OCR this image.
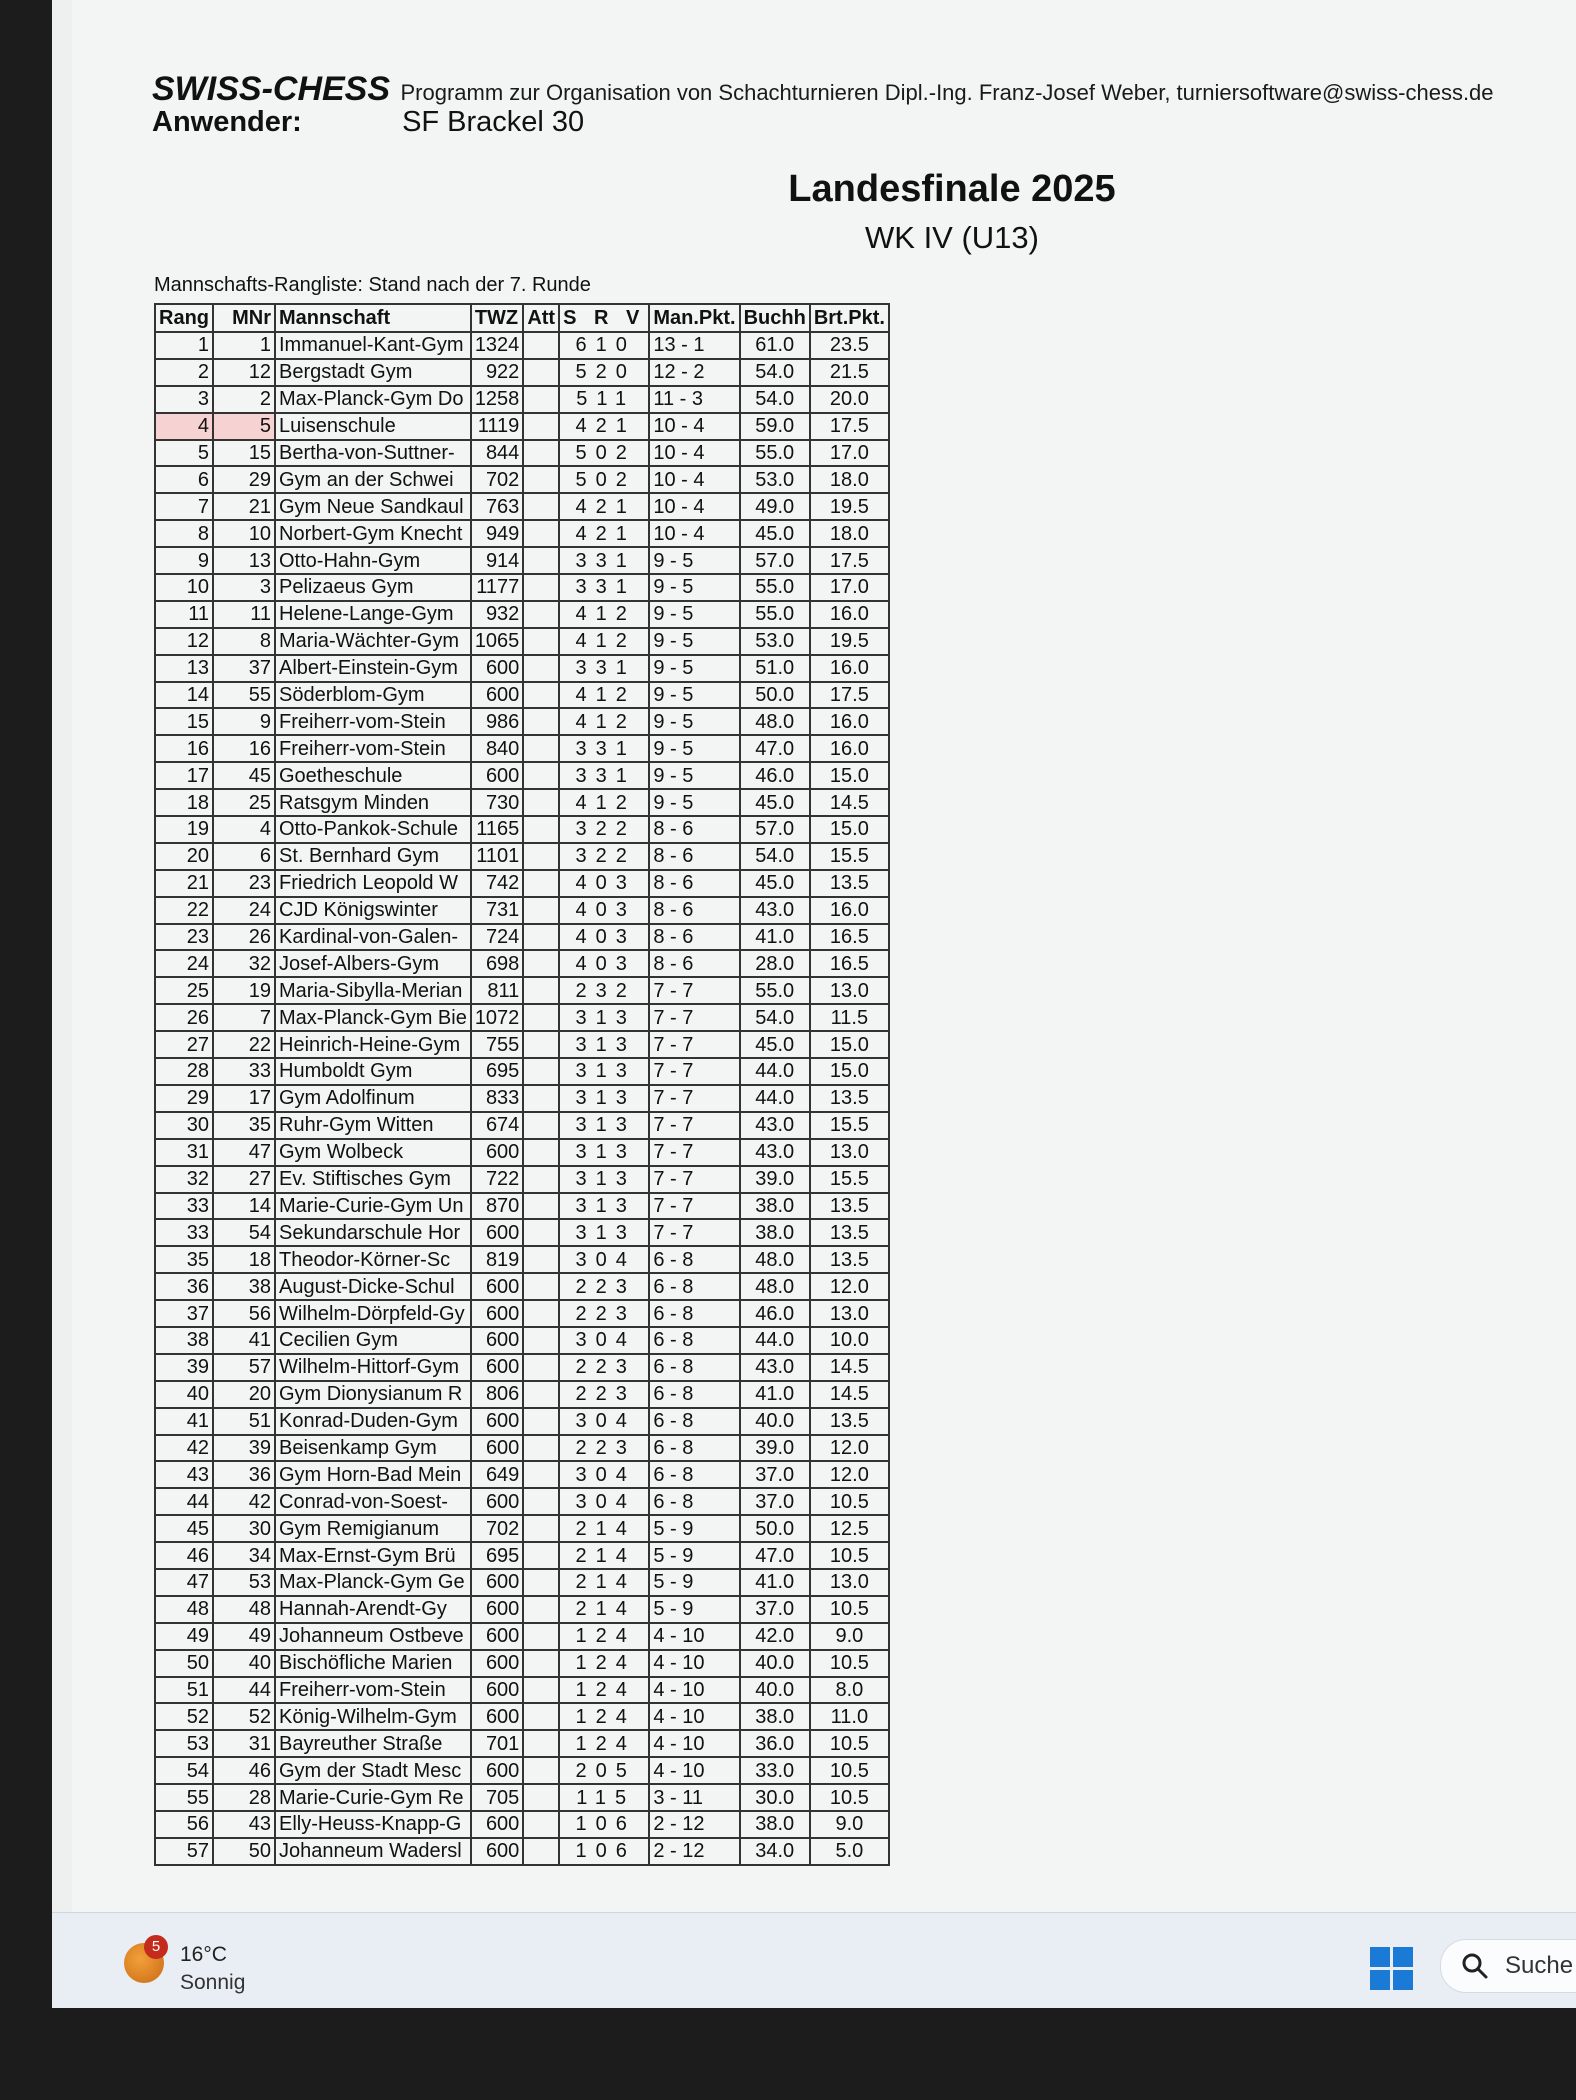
SWISS-CHESS Programm zur Organisation von Schachturnieren Dipl.-Ing. Franz-Josef Weber, turniersoftware@swiss-chess.de
Anwender:	SF Brackel 30
Landesfinale 2025
WK IV (U13)
Mannschafts-Rangliste: Stand nach der 7. Runde
Rang	MNr	Mannschaft	TWZ	Att	S R V	Man.Pkt.	Buchh	Brt.Pkt.
1	1	Immanuel-Kant-Gym	1324		610	13 - 1	61.0	23.5
2	12	Bergstadt Gym	922		520	12 - 2	54.0	21.5
3	2	Max-Planck-Gym Do	1258		511	11 - 3	54.0	20.0
4	5	Luisenschule	1119		421	10 - 4	59.0	17.5
5	15	Bertha-von-Suttner-	844		502	10 - 4	55.0	17.0
6	29	Gym an der Schwei	702		502	10 - 4	53.0	18.0
7	21	Gym Neue Sandkaul	763		421	10 - 4	49.0	19.5
8	10	Norbert-Gym Knecht	949		421	10 - 4	45.0	18.0
9	13	Otto-Hahn-Gym	914		331	9 - 5	57.0	17.5
10	3	Pelizaeus Gym	1177		331	9 - 5	55.0	17.0
11	11	Helene-Lange-Gym	932		412	9 - 5	55.0	16.0
12	8	Maria-Wächter-Gym	1065		412	9 - 5	53.0	19.5
13	37	Albert-Einstein-Gym	600		331	9 - 5	51.0	16.0
14	55	Söderblom-Gym	600		412	9 - 5	50.0	17.5
15	9	Freiherr-vom-Stein	986		412	9 - 5	48.0	16.0
16	16	Freiherr-vom-Stein	840		331	9 - 5	47.0	16.0
17	45	Goetheschule	600		331	9 - 5	46.0	15.0
18	25	Ratsgym Minden	730		412	9 - 5	45.0	14.5
19	4	Otto-Pankok-Schule	1165		322	8 - 6	57.0	15.0
20	6	St. Bernhard Gym	1101		322	8 - 6	54.0	15.5
21	23	Friedrich Leopold W	742		403	8 - 6	45.0	13.5
22	24	CJD Königswinter	731		403	8 - 6	43.0	16.0
23	26	Kardinal-von-Galen-	724		403	8 - 6	41.0	16.5
24	32	Josef-Albers-Gym	698		403	8 - 6	28.0	16.5
25	19	Maria-Sibylla-Merian	811		232	7 - 7	55.0	13.0
26	7	Max-Planck-Gym Bie	1072		313	7 - 7	54.0	11.5
27	22	Heinrich-Heine-Gym	755		313	7 - 7	45.0	15.0
28	33	Humboldt Gym	695		313	7 - 7	44.0	15.0
29	17	Gym Adolfinum	833		313	7 - 7	44.0	13.5
30	35	Ruhr-Gym Witten	674		313	7 - 7	43.0	15.5
31	47	Gym Wolbeck	600		313	7 - 7	43.0	13.0
32	27	Ev. Stiftisches Gym	722		313	7 - 7	39.0	15.5
33	14	Marie-Curie-Gym Un	870		313	7 - 7	38.0	13.5
33	54	Sekundarschule Hor	600		313	7 - 7	38.0	13.5
35	18	Theodor-Körner-Sc	819		304	6 - 8	48.0	13.5
36	38	August-Dicke-Schul	600		223	6 - 8	48.0	12.0
37	56	Wilhelm-Dörpfeld-Gy	600		223	6 - 8	46.0	13.0
38	41	Cecilien Gym	600		304	6 - 8	44.0	10.0
39	57	Wilhelm-Hittorf-Gym	600		223	6 - 8	43.0	14.5
40	20	Gym Dionysianum R	806		223	6 - 8	41.0	14.5
41	51	Konrad-Duden-Gym	600		304	6 - 8	40.0	13.5
42	39	Beisenkamp Gym	600		223	6 - 8	39.0	12.0
43	36	Gym Horn-Bad Mein	649		304	6 - 8	37.0	12.0
44	42	Conrad-von-Soest-	600		304	6 - 8	37.0	10.5
45	30	Gym Remigianum	702		214	5 - 9	50.0	12.5
46	34	Max-Ernst-Gym Brü	695		214	5 - 9	47.0	10.5
47	53	Max-Planck-Gym Ge	600		214	5 - 9	41.0	13.0
48	48	Hannah-Arendt-Gy	600		214	5 - 9	37.0	10.5
49	49	Johanneum Ostbeve	600		124	4 - 10	42.0	9.0
50	40	Bischöfliche Marien	600		124	4 - 10	40.0	10.5
51	44	Freiherr-vom-Stein	600		124	4 - 10	40.0	8.0
52	52	König-Wilhelm-Gym	600		124	4 - 10	38.0	11.0
53	31	Bayreuther Straße	701		124	4 - 10	36.0	10.5
54	46	Gym der Stadt Mesc	600		205	4 - 10	33.0	10.5
55	28	Marie-Curie-Gym Re	705		115	3 - 11	30.0	10.5
56	43	Elly-Heuss-Knapp-G	600		106	2 - 12	38.0	9.0
57	50	Johanneum Wadersl	600		106	2 - 12	34.0	5.0
5 16°C
Sonnig
Suche
